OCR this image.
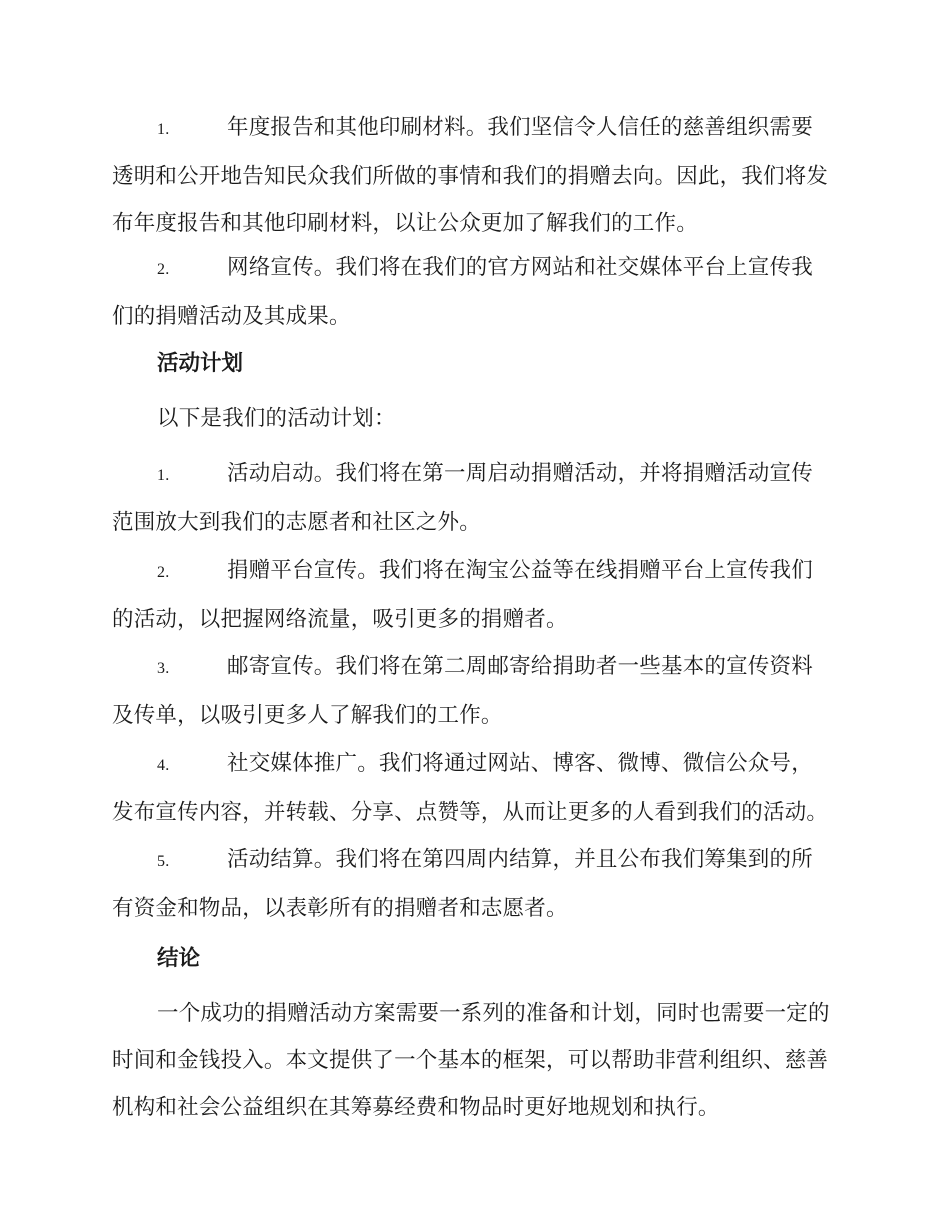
1.	年度报告和其他印刷材料。我们坚信令人信任的慈善组织需要透明和公开地告知民众我们所做的事情和我们的捐赠去向。因此，我们将发布年度报告和其他印刷材料，以让公众更加了解我们的工作。

2.	网络宣传。我们将在我们的官方网站和社交媒体平台上宣传我们的捐赠活动及其成果。

活动计划

以下是我们的活动计划：

1.	活动启动。我们将在第一周启动捐赠活动，并将捐赠活动宣传范围放大到我们的志愿者和社区之外。

2.	捐赠平台宣传。我们将在淘宝公益等在线捐赠平台上宣传我们的活动，以把握网络流量，吸引更多的捐赠者。

3.	邮寄宣传。我们将在第二周邮寄给捐助者一些基本的宣传资料及传单，以吸引更多人了解我们的工作。

4.	社交媒体推广。我们将通过网站、博客、微博、微信公众号，发布宣传内容，并转载、分享、点赞等，从而让更多的人看到我们的活动。

5.	活动结算。我们将在第四周内结算，并且公布我们筹集到的所有资金和物品，以表彰所有的捐赠者和志愿者。

结论

一个成功的捐赠活动方案需要一系列的准备和计划，同时也需要一定的时间和金钱投入。本文提供了一个基本的框架，可以帮助非营利组织、慈善机构和社会公益组织在其筹募经费和物品时更好地规划和执行。
